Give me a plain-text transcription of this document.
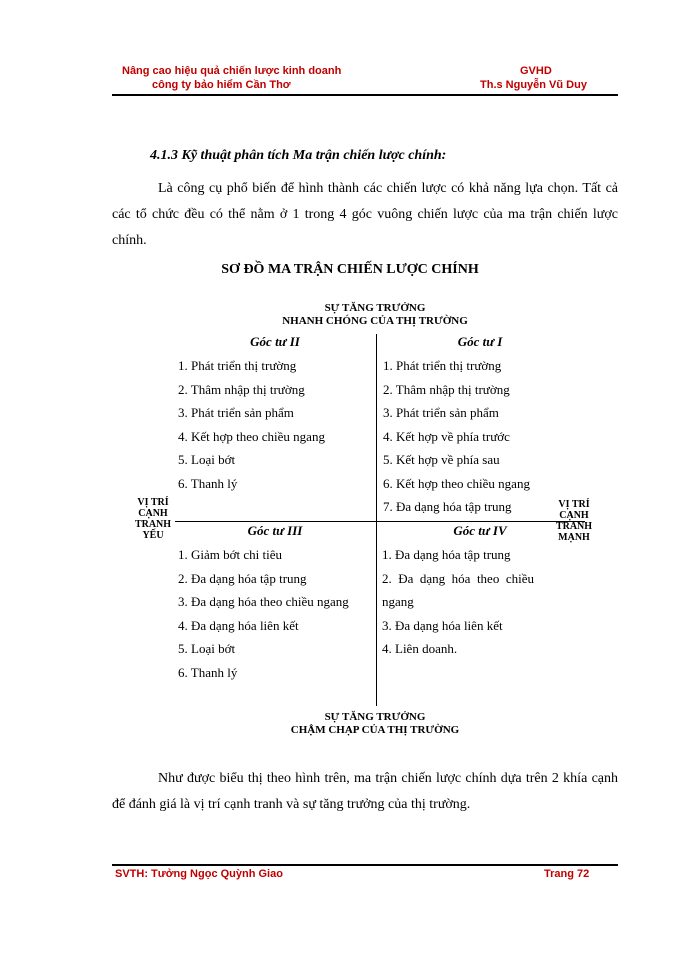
Nâng cao hiệu quả chiến lược kinh doanh
công ty bảo hiểm Cần Thơ
GVHD
Th.s Nguyễn Vũ Duy
4.1.3 Kỹ thuật phân tích Ma trận chiến lược chính:
Là công cụ phổ biến để hình thành các chiến lược có khả năng lựa chọn. Tất cả các tổ chức đều có thể nằm ở 1 trong 4 góc vuông chiến lược của ma trận chiến lược chính.
SƠ ĐỒ MA TRẬN CHIẾN LƯỢC CHÍNH
SỰ TĂNG TRƯỞNG
NHANH CHÓNG CỦA THỊ TRƯỜNG
Góc tư II
1. Phát triển thị trường
2. Thâm nhập thị trường
3. Phát triển sản phẩm
4. Kết hợp theo chiều ngang
5. Loại bớt
6. Thanh lý
Góc tư I
1. Phát triển thị trường
2. Thâm nhập thị trường
3. Phát triển sản phẩm
4. Kết hợp về phía trước
5. Kết hợp về phía sau
6. Kết hợp theo chiều ngang
7. Đa dạng hóa tập trung
VỊ TRÍ
CẠNH
TRANH
YẾU
VỊ TRÍ
CẠNH
TRANH
MẠNH
Góc tư III
1. Giảm bớt chi tiêu
2. Đa dạng hóa tập trung
3. Đa dạng hóa theo chiều ngang
4. Đa dạng hóa liên kết
5. Loại bớt
6. Thanh lý
Góc tư IV
1. Đa dạng hóa tập trung
2.  Đa  dạng  hóa  theo  chiều
ngang
3. Đa dạng hóa liên kết
4. Liên doanh.
SỰ TĂNG TRƯỞNG
CHẬM CHẠP CỦA THỊ TRƯỜNG
Như được biểu thị theo hình trên, ma trận chiến lược chính dựa trên 2 khía cạnh để đánh giá là vị trí cạnh tranh và sự tăng trưởng của thị trường.
SVTH: Tưởng Ngọc Quỳnh Giao	Trang 72
